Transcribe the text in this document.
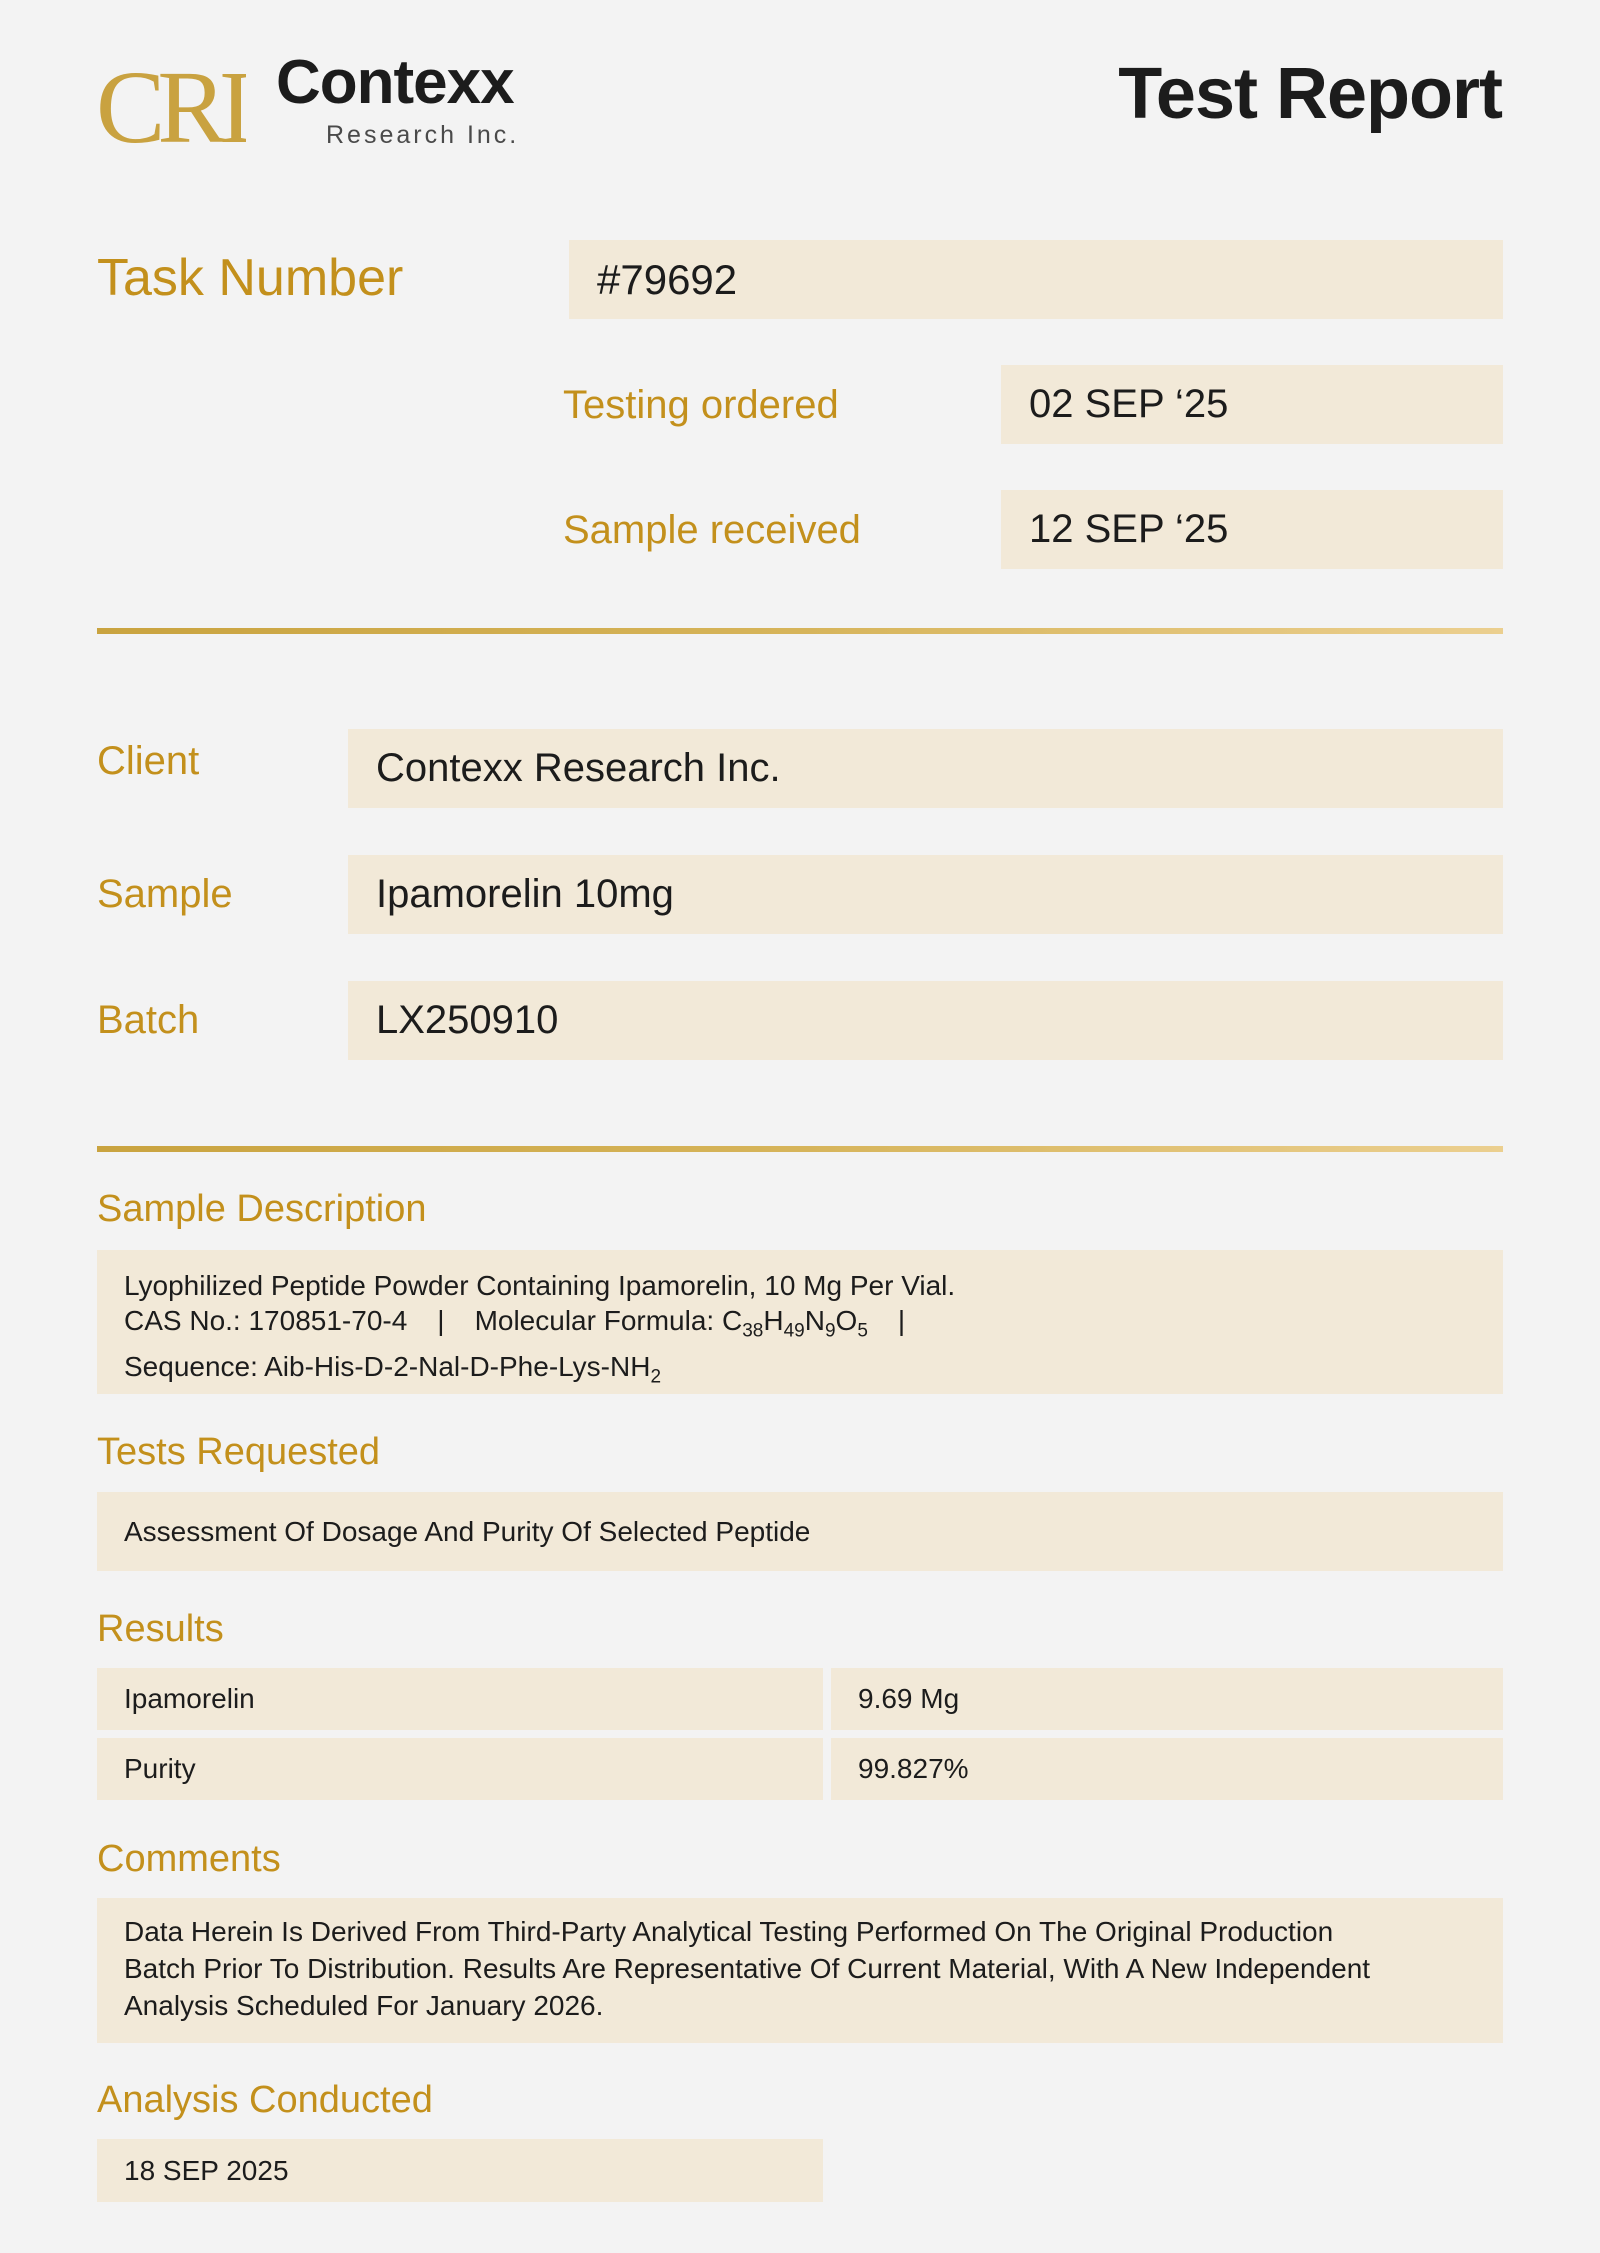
CRI Contexx
Research Inc.
Test Report
Task Number	#79692
Testing ordered	02 SEP ‘25
Sample received	12 SEP ‘25
Client	Contexx Research Inc.
Sample	Ipamorelin 10mg
Batch	LX250910
Sample Description
Lyophilized Peptide Powder Containing Ipamorelin, 10 Mg Per Vial.
CAS No.: 170851-70-4 | Molecular Formula: $C_{38}H_{49}N_9O_5$ |
Sequence: Aib-$His-D-2-Nal-D-Phe-Lys-NH_2$
Tests Requested
Assessment Of Dosage And Purity Of Selected Peptide
Results
Ipamorelin	9.69 Mg
Purity	99.827%
Comments
Data Herein Is Derived From Third-Party Analytical Testing Performed On The Original Production
Batch Prior To Distribution. Results Are Representative Of Current Material, With A New Independent
Analysis Scheduled For January 2026.
Analysis Conducted
18 SEP 2025
